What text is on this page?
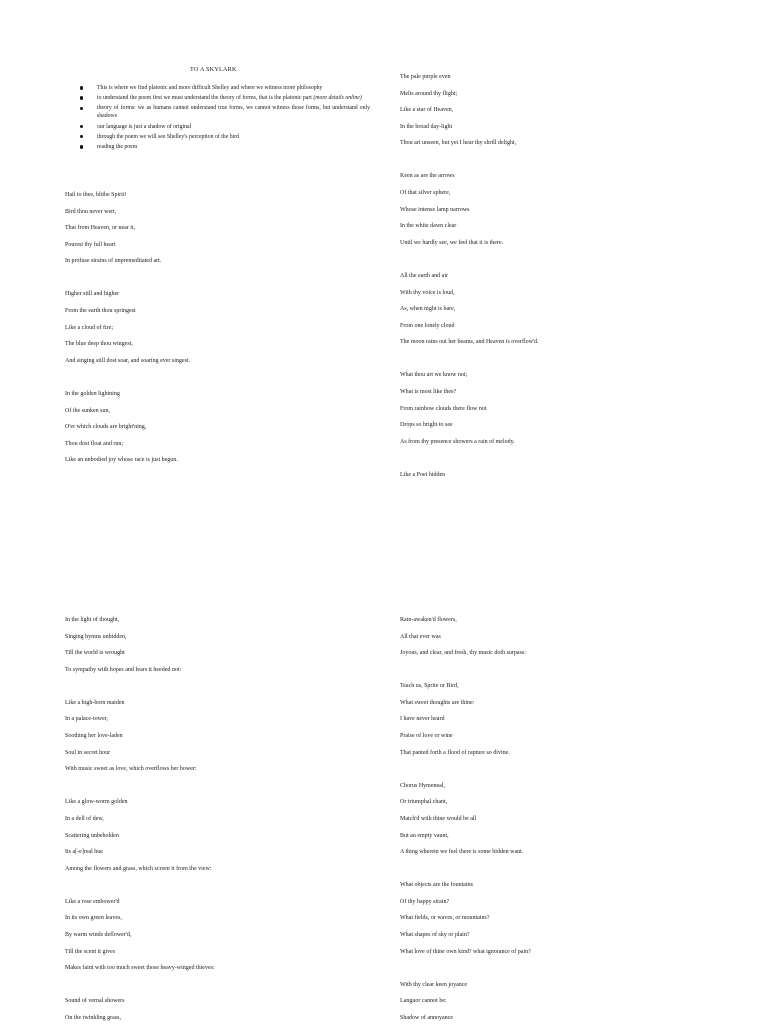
TO A SKYLARK
This is where we find platonic and more difficult Shelley and where we witness more philosophy
to understand the poem first we must understand the theory of forms, that is the platonic part (more details online)
theory of forms: we as humans cannot understand true forms, we cannot witness those forms, but understand only shadows
our language is just a shadow of original
through the poem we will see Shelley's perception of the bird
reading the poem
Hail to thee, blithe Spirit!
Bird thou never wert,
That from Heaven, or near it,
Pourest thy full heart
In profuse strains of unpremeditated art.
Higher still and higher
From the earth thou springest
Like a cloud of fire;
The blue deep thou wingest,
And singing still dost soar, and soaring ever singest.
In the golden lightning
Of the sunken sun,
O'er which clouds are bright'ning,
Thou dost float and run;
Like an unbodied joy whose race is just begun.
The pale purple even
Melts around thy flight;
Like a star of Heaven,
In the broad day-light
Thou art unseen, but yet I hear thy shrill delight,
Keen as are the arrows
Of that silver sphere,
Whose intense lamp narrows
In the white dawn clear
Until we hardly see, we feel that it is there.
All the earth and air
With thy voice is loud,
As, when night is bare,
From one lonely cloud
The moon rains out her beams, and Heaven is overflow'd.
What thou art we know not;
What is most like thee?
From rainbow clouds there flow not
Drops so bright to see
As from thy presence showers a rain of melody.
Like a Poet hidden
In the light of thought,
Singing hymns unbidden,
Till the world is wrought
To sympathy with hopes and fears it heeded not:
Like a high-born maiden
In a palace-tower,
Soothing her love-laden
Soul in secret hour
With music sweet as love, which overflows her bower:
Like a glow-worm golden
In a dell of dew,
Scattering unbeholden
Its a[-e]real hue
Among the flowers and grass, which screen it from the view:
Like a rose embower'd
In its own green leaves,
By warm winds deflower'd,
Till the scent it gives
Makes faint with too much sweet those heavy-winged thieves:
Sound of vernal showers
On the twinkling grass,
Rain-awaken'd flowers,
All that ever was
Joyous, and clear, and fresh, thy music doth surpass:
Teach us, Sprite or Bird,
What sweet thoughts are thine:
I have never heard
Praise of love or wine
That panted forth a flood of rapture so divine.
Chorus Hymeneal,
Or triumphal chant,
Match'd with thine would be all
But an empty vaunt,
A thing wherein we feel there is some hidden want.
What objects are the fountains
Of thy happy strain?
What fields, or waves, or mountains?
What shapes of sky or plain?
What love of thine own kind? what ignorance of pain?
With thy clear keen joyance
Languor cannot be:
Shadow of annoyance
